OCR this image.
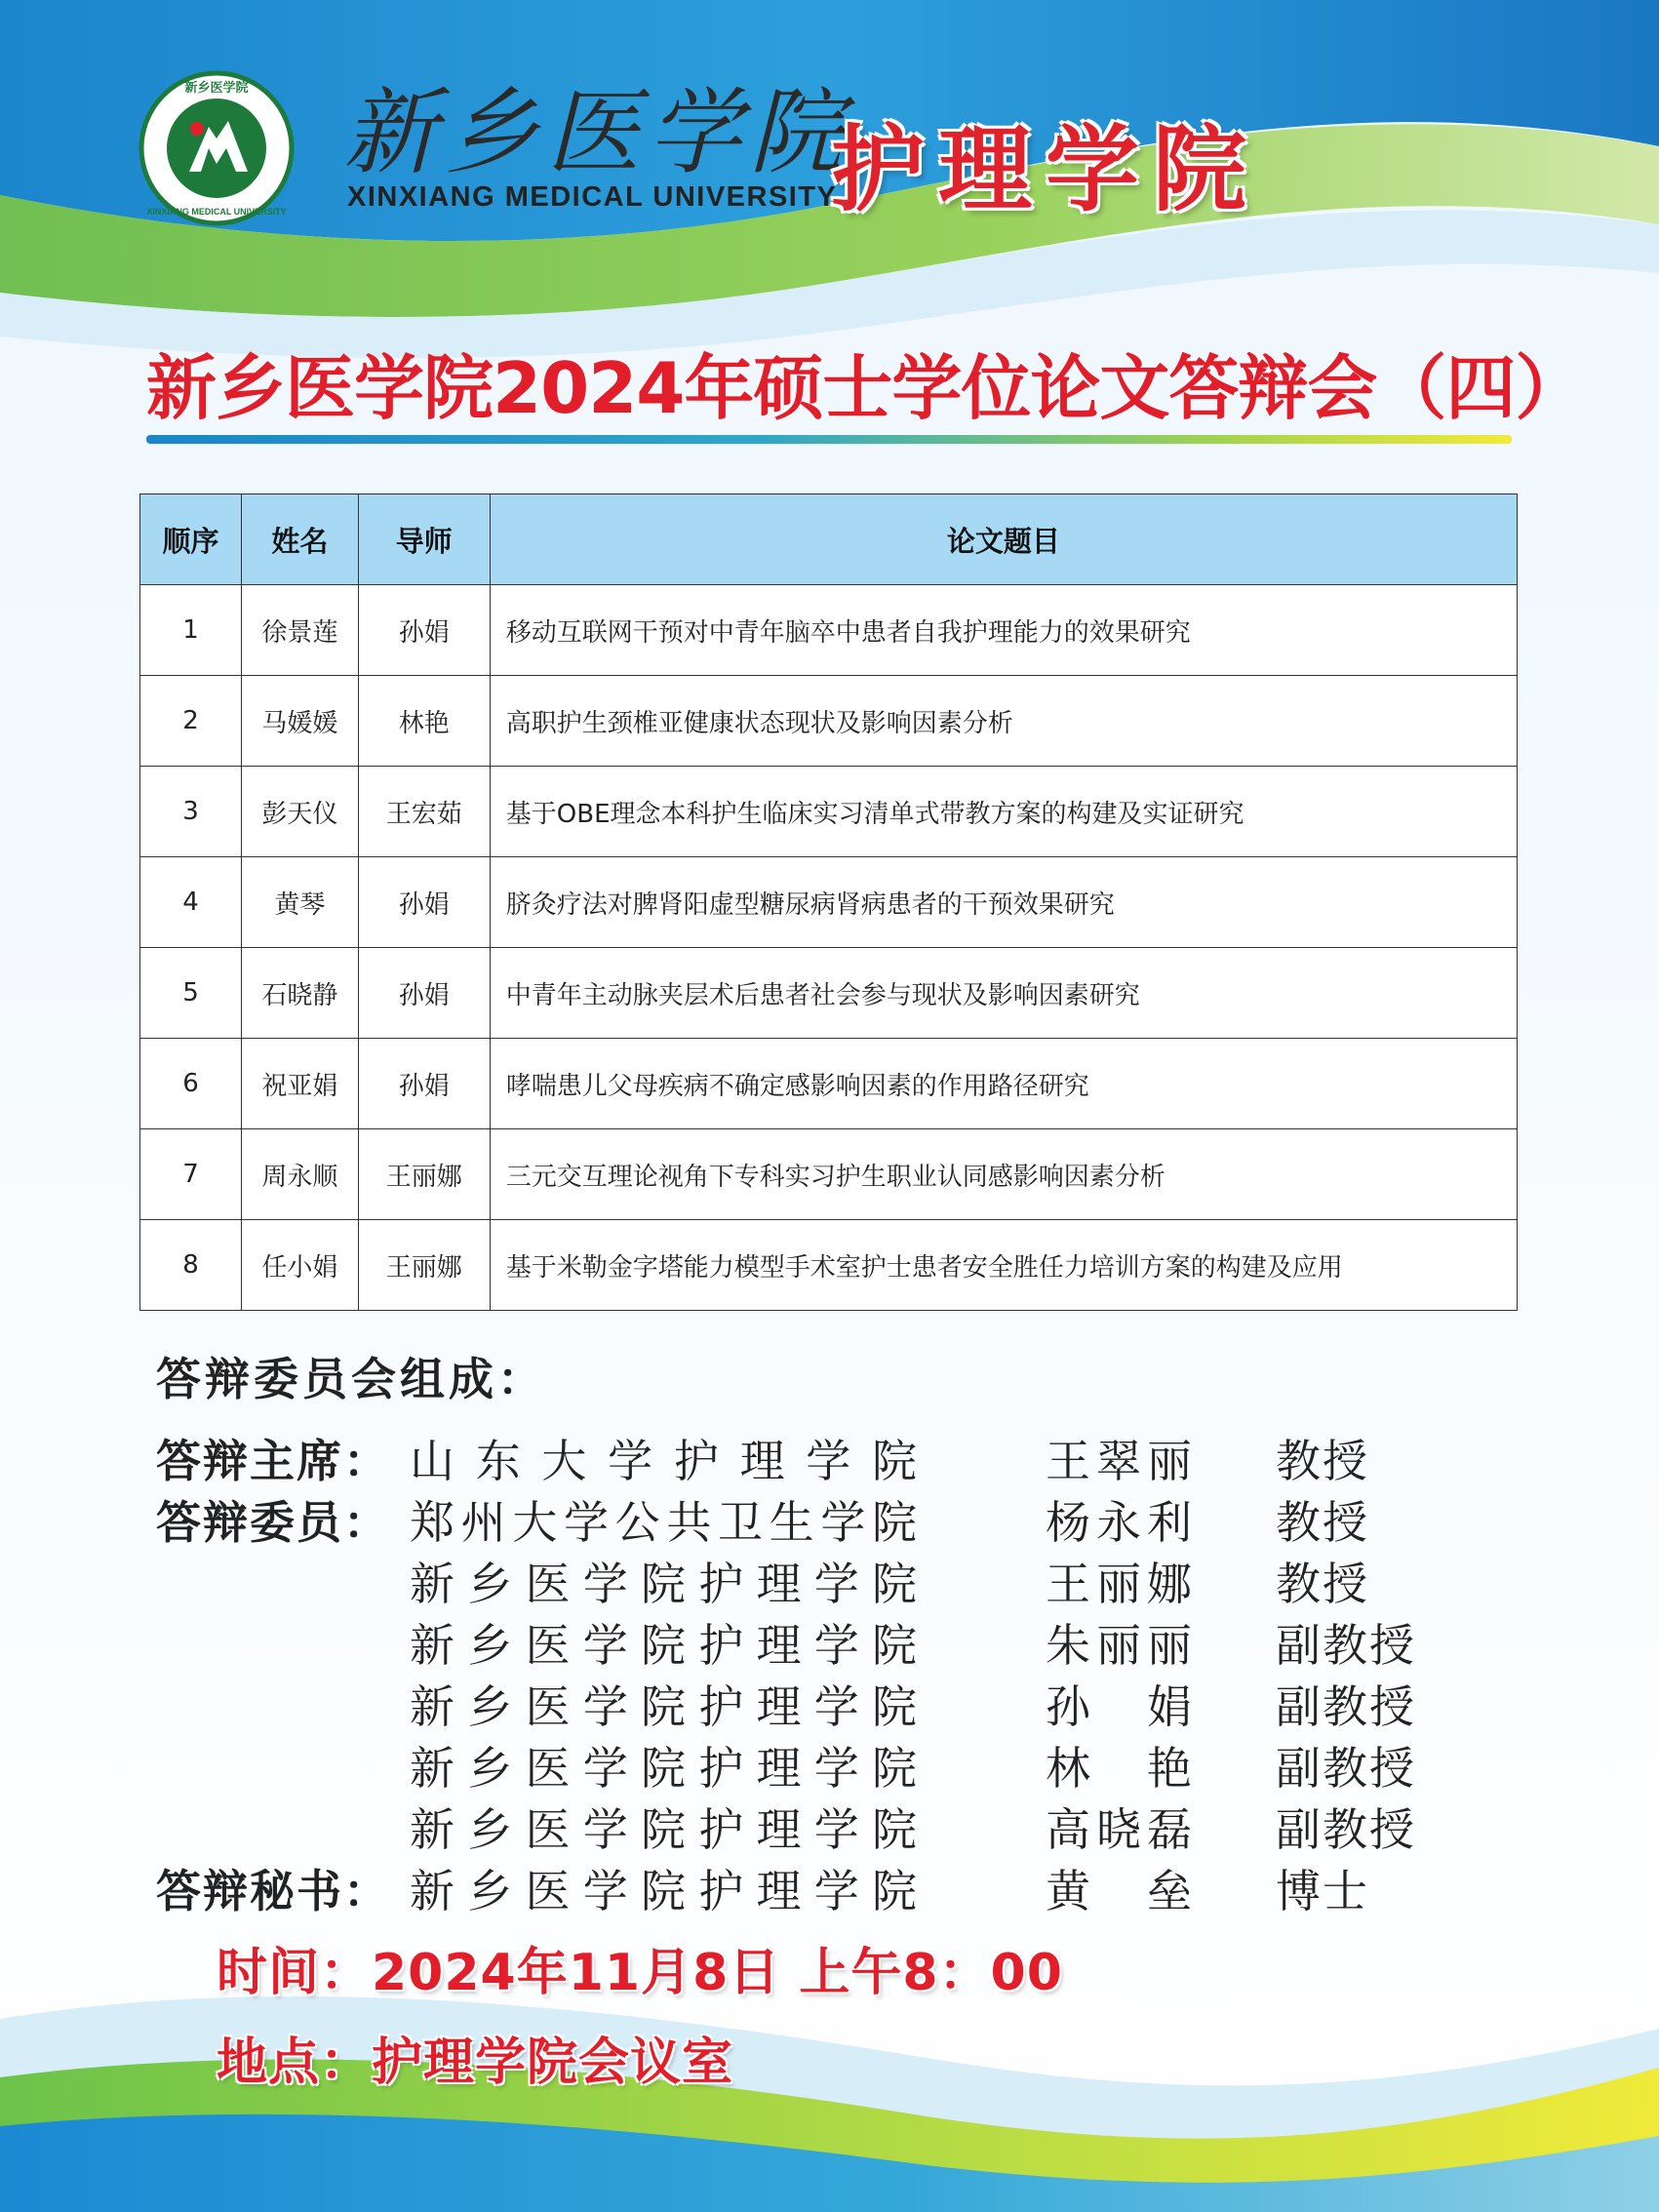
新乡医学院
XINXIANG MEDICAL UNIVERSITY
新乡医学院
XINXIANG MEDICAL UNIVERSITY
护理学院
新乡医学院2024年硕士学位论文答辩会（四）
顺序	姓名	导师	论文题目
1	徐景莲	孙娟	移动互联网干预对中青年脑卒中患者自我护理能力的效果研究
2	马媛媛	林艳	高职护生颈椎亚健康状态现状及影响因素分析
3	彭天仪	王宏茹	基于OBE理念本科护生临床实习清单式带教方案的构建及实证研究
4	黄琴	孙娟	脐灸疗法对脾肾阳虚型糖尿病肾病患者的干预效果研究
5	石晓静	孙娟	中青年主动脉夹层术后患者社会参与现状及影响因素研究
6	祝亚娟	孙娟	哮喘患儿父母疾病不确定感影响因素的作用路径研究
7	周永顺	王丽娜	三元交互理论视角下专科实习护生职业认同感影响因素分析
8	任小娟	王丽娜	基于米勒金字塔能力模型手术室护士患者安全胜任力培训方案的构建及应用
答辩委员会组成：
答辩主席： 山东大学护理学院	王翠丽 教授
答辩委员： 郑州大学公共卫生学院	杨永利 教授
新乡医学院护理学院	王丽娜 教授
新乡医学院护理学院	朱丽丽 副教授
新乡医学院护理学院	孙娟 副教授
新乡医学院护理学院	林艳 副教授
新乡医学院护理学院	高晓磊 副教授
答辩秘书： 新乡医学院护理学院	黄垒 博士
时间：2024年11月8日 上午8：00
地点：护理学院会议室
